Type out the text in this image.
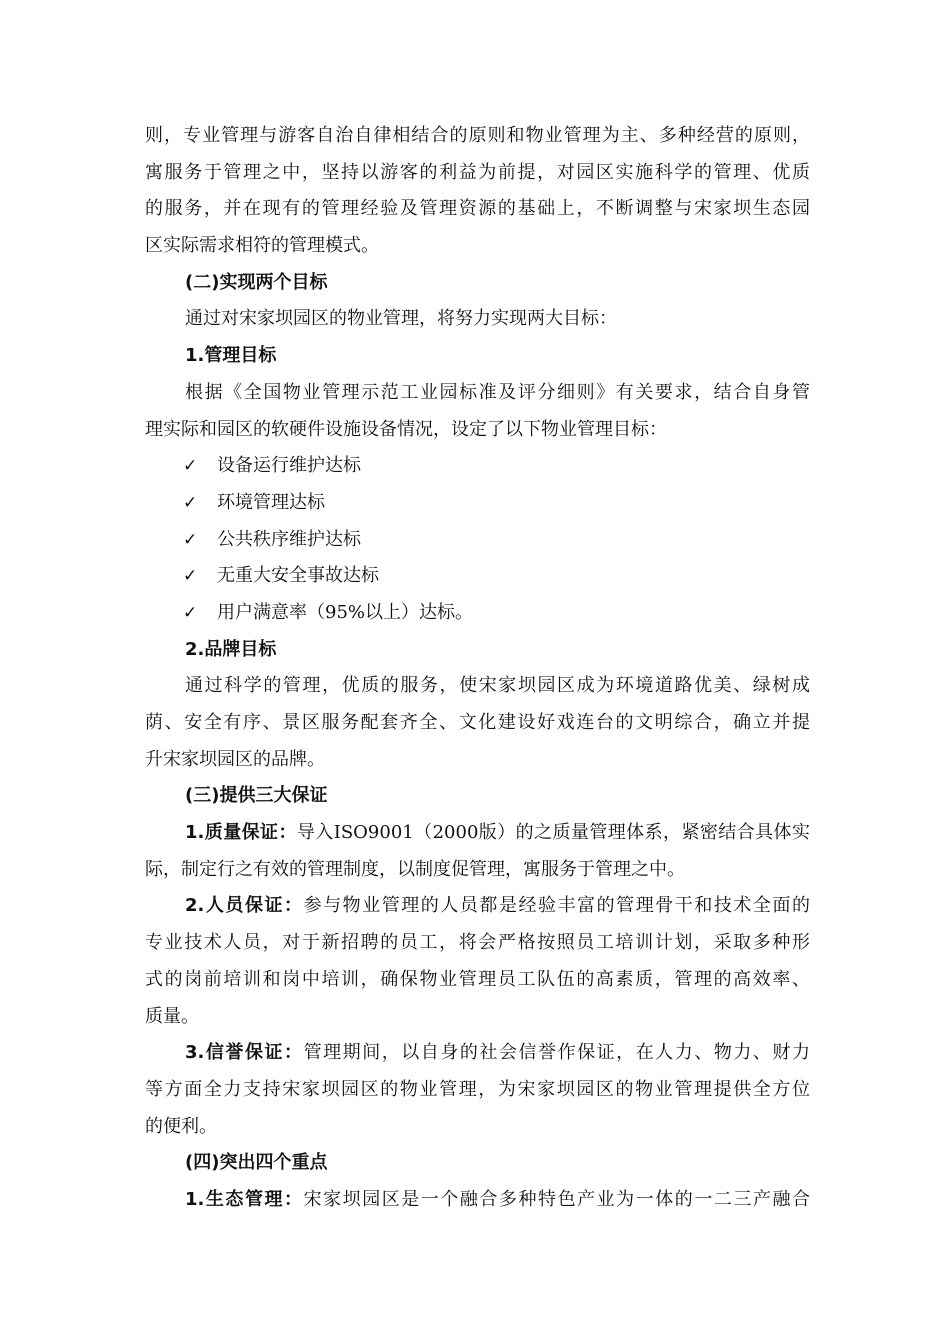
则，专业管理与游客自治自律相结合的原则和物业管理为主、多种经营的原则，
寓服务于管理之中，坚持以游客的利益为前提，对园区实施科学的管理、优质
的服务，并在现有的管理经验及管理资源的基础上，不断调整与宋家坝生态园
区实际需求相符的管理模式。
(二)实现两个目标
通过对宋家坝园区的物业管理，将努力实现两大目标：
1.管理目标
根据《全国物业管理示范工业园标准及评分细则》有关要求，结合自身管
理实际和园区的软硬件设施设备情况，设定了以下物业管理目标：
✓	设备运行维护达标
✓	环境管理达标
✓	公共秩序维护达标
✓	无重大安全事故达标
✓	用户满意率（95%以上）达标。
2.品牌目标
通过科学的管理，优质的服务，使宋家坝园区成为环境道路优美、绿树成
荫、安全有序、景区服务配套齐全、文化建设好戏连台的文明综合，确立并提
升宋家坝园区的品牌。
(三)提供三大保证
1.质量保证：导入ISO9001（2000版）的之质量管理体系，紧密结合具体实
际，制定行之有效的管理制度，以制度促管理，寓服务于管理之中。
2.人员保证：参与物业管理的人员都是经验丰富的管理骨干和技术全面的
专业技术人员，对于新招聘的员工，将会严格按照员工培训计划，采取多种形
式的岗前培训和岗中培训，确保物业管理员工队伍的高素质，管理的高效率、
质量。
3.信誉保证：管理期间，以自身的社会信誉作保证，在人力、物力、财力
等方面全力支持宋家坝园区的物业管理，为宋家坝园区的物业管理提供全方位
的便利。
(四)突出四个重点
1.生态管理：宋家坝园区是一个融合多种特色产业为一体的一二三产融合
